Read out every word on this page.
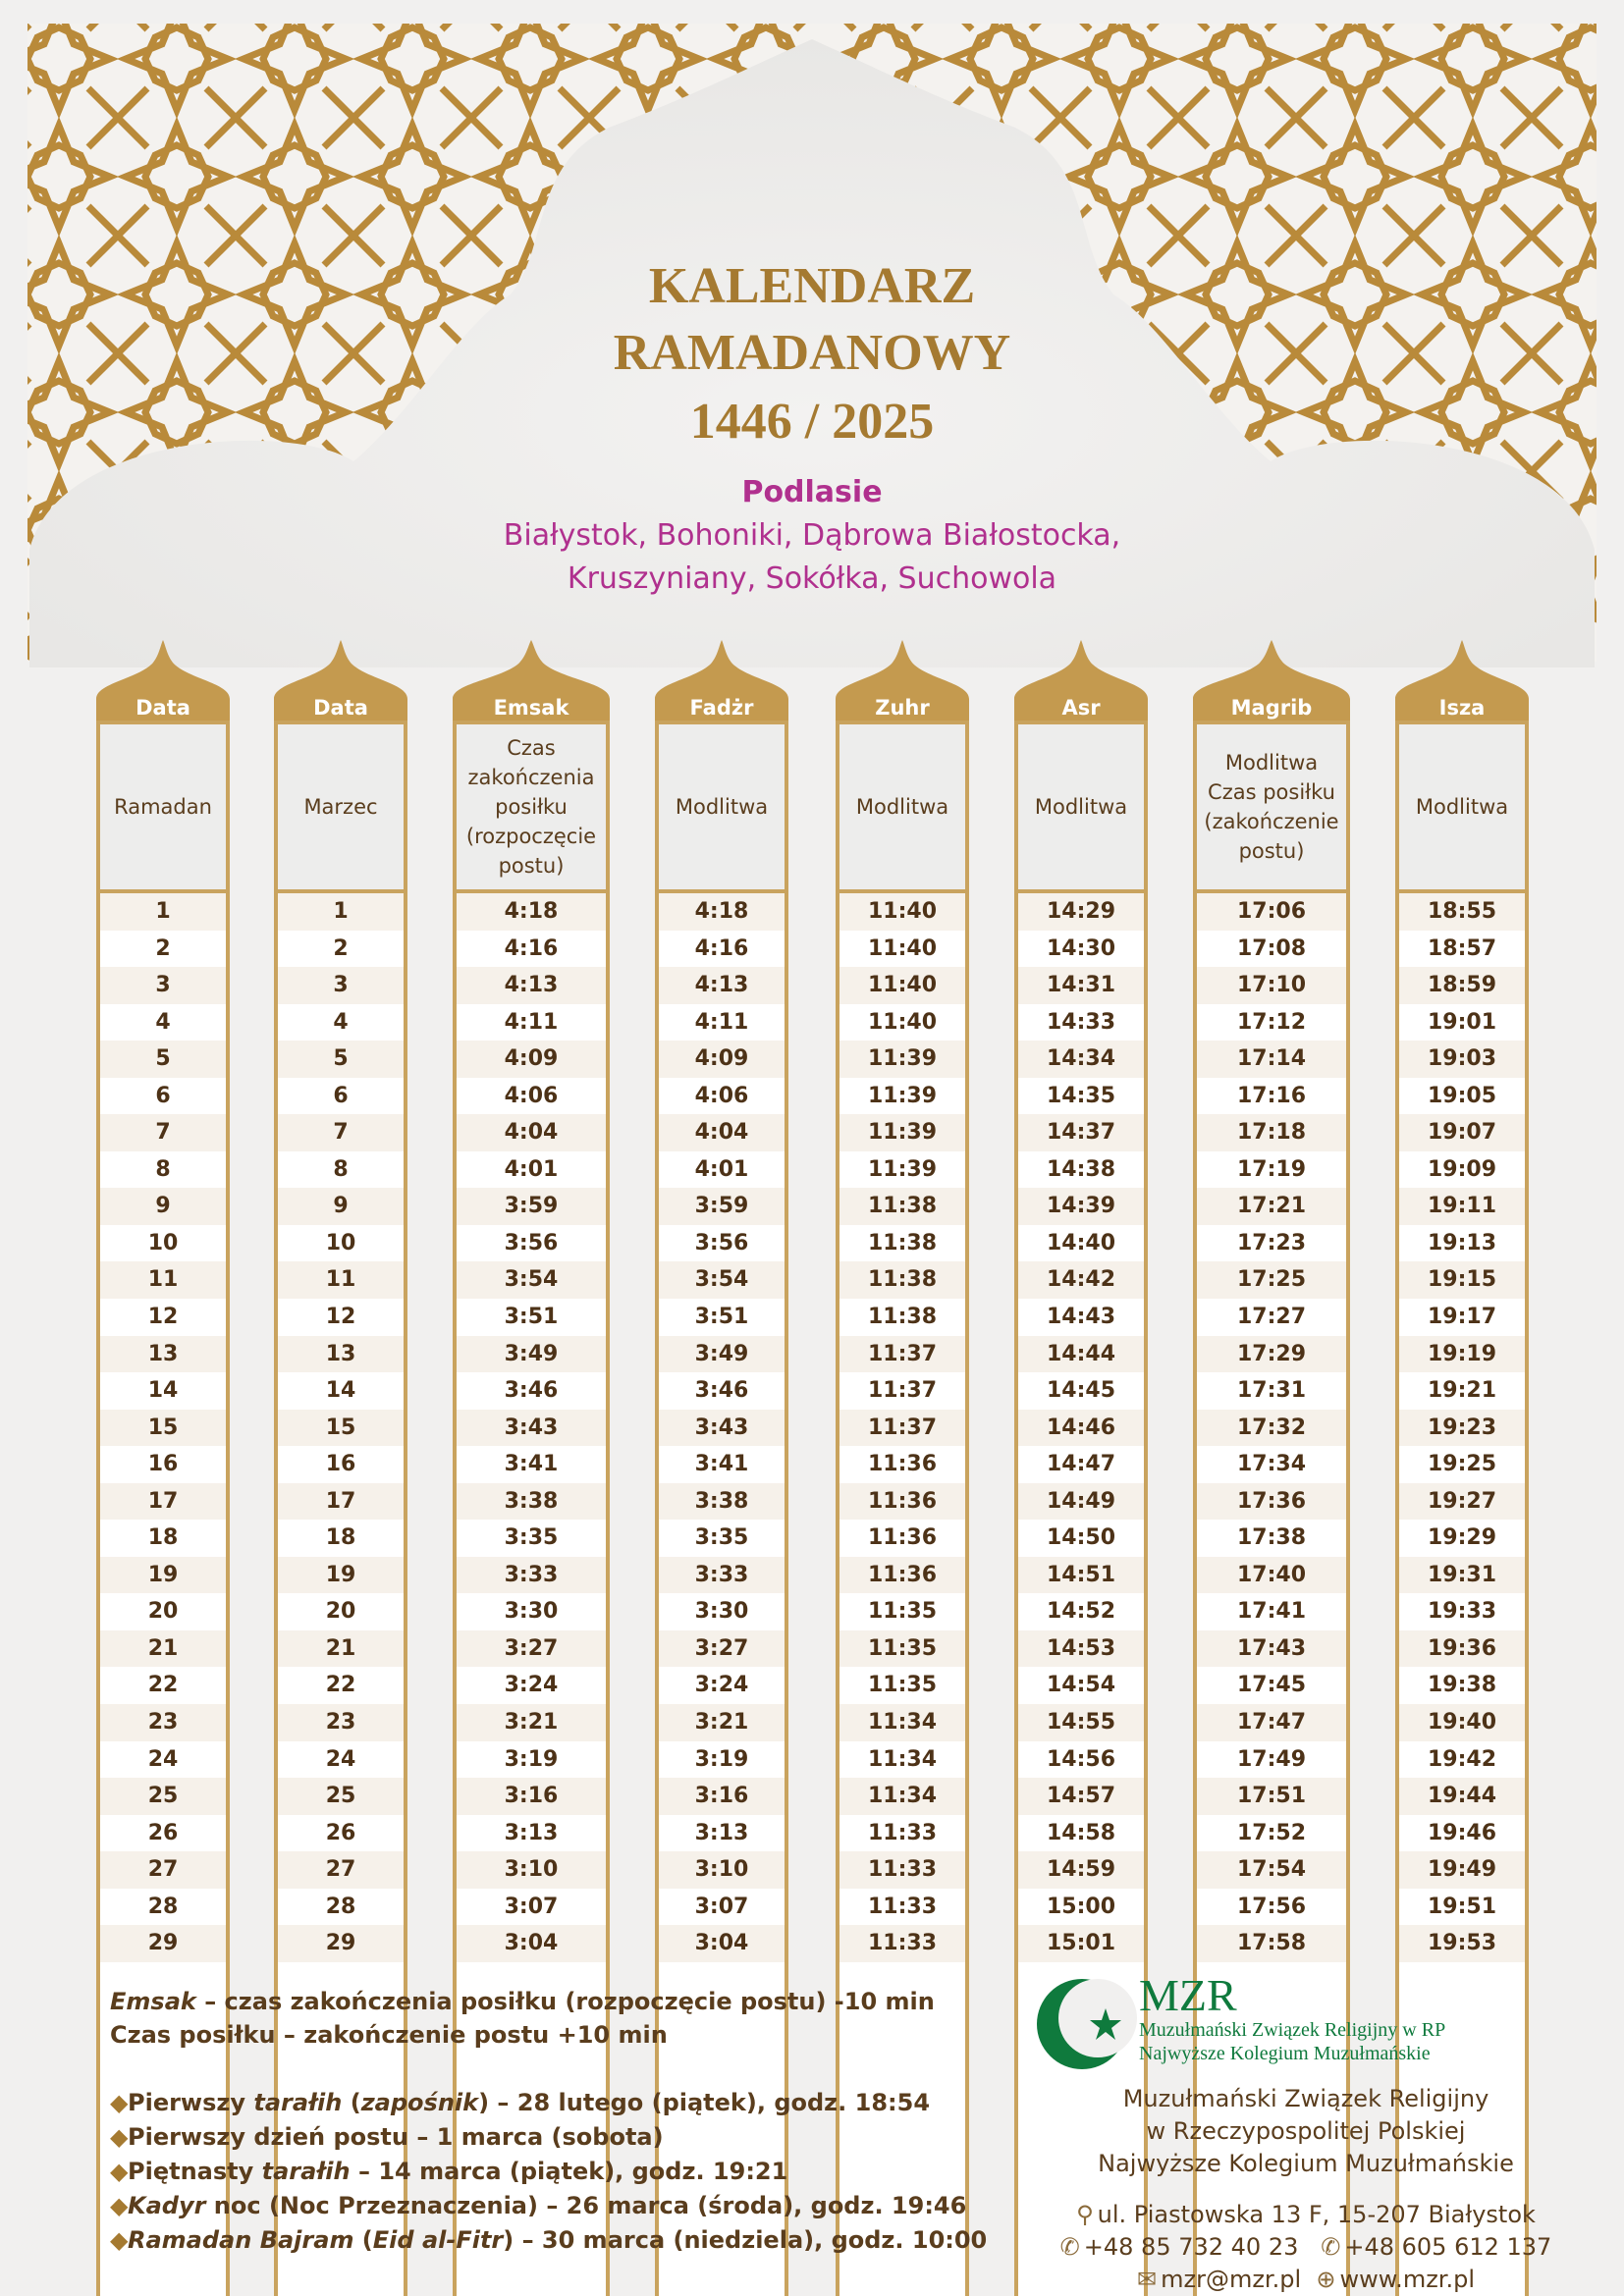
KALENDARZ
RAMADANOWY
1446 / 2025
Podlasie
Białystok, Bohoniki, Dąbrowa Białostocka,
Kruszyniany, Sokółka, Suchowola
Data
Ramadan
1
2
3
4
5
6
7
8
9
10
11
12
13
14
15
16
17
18
19
20
21
22
23
24
25
26
27
28
29
Data
Marzec
1
2
3
4
5
6
7
8
9
10
11
12
13
14
15
16
17
18
19
20
21
22
23
24
25
26
27
28
29
Emsak
Czas
zakończenia
posiłku
(rozpoczęcie
postu)
4:18
4:16
4:13
4:11
4:09
4:06
4:04
4:01
3:59
3:56
3:54
3:51
3:49
3:46
3:43
3:41
3:38
3:35
3:33
3:30
3:27
3:24
3:21
3:19
3:16
3:13
3:10
3:07
3:04
Fadżr
Modlitwa
4:18
4:16
4:13
4:11
4:09
4:06
4:04
4:01
3:59
3:56
3:54
3:51
3:49
3:46
3:43
3:41
3:38
3:35
3:33
3:30
3:27
3:24
3:21
3:19
3:16
3:13
3:10
3:07
3:04
Zuhr
Modlitwa
11:40
11:40
11:40
11:40
11:39
11:39
11:39
11:39
11:38
11:38
11:38
11:38
11:37
11:37
11:37
11:36
11:36
11:36
11:36
11:35
11:35
11:35
11:34
11:34
11:34
11:33
11:33
11:33
11:33
Asr
Modlitwa
14:29
14:30
14:31
14:33
14:34
14:35
14:37
14:38
14:39
14:40
14:42
14:43
14:44
14:45
14:46
14:47
14:49
14:50
14:51
14:52
14:53
14:54
14:55
14:56
14:57
14:58
14:59
15:00
15:01
Magrib
Modlitwa
Czas posiłku
(zakończenie
postu)
17:06
17:08
17:10
17:12
17:14
17:16
17:18
17:19
17:21
17:23
17:25
17:27
17:29
17:31
17:32
17:34
17:36
17:38
17:40
17:41
17:43
17:45
17:47
17:49
17:51
17:52
17:54
17:56
17:58
Isza
Modlitwa
18:55
18:57
18:59
19:01
19:03
19:05
19:07
19:09
19:11
19:13
19:15
19:17
19:19
19:21
19:23
19:25
19:27
19:29
19:31
19:33
19:36
19:38
19:40
19:42
19:44
19:46
19:49
19:51
19:53
Emsak – czas zakończenia posiłku (rozpoczęcie postu) -10 min
Czas posiłku – zakończenie postu +10 min
◆Pierwszy tarałih (zapośnik) – 28 lutego (piątek), godz. 18:54
◆Pierwszy dzień postu – 1 marca (sobota)
◆Piętnasty tarałih – 14 marca (piątek), godz. 19:21
◆Kadyr noc (Noc Przeznaczenia) – 26 marca (środa), godz. 19:46
◆Ramadan Bajram (Eid al-Fitr) – 30 marca (niedziela), godz. 10:00
MZR
Muzułmański Związek Religijny w RP
Najwyższe Kolegium Muzułmańskie
Muzułmański Związek Religijny
w Rzeczypospolitej Polskiej
Najwyższe Kolegium Muzułmańskie
⚲ ul. Piastowska 13 F, 15-207 Białystok
✆ +48 85 732 40 23 ✆ +48 605 612 137
✉ mzr@mzr.pl ⊕ www.mzr.pl
